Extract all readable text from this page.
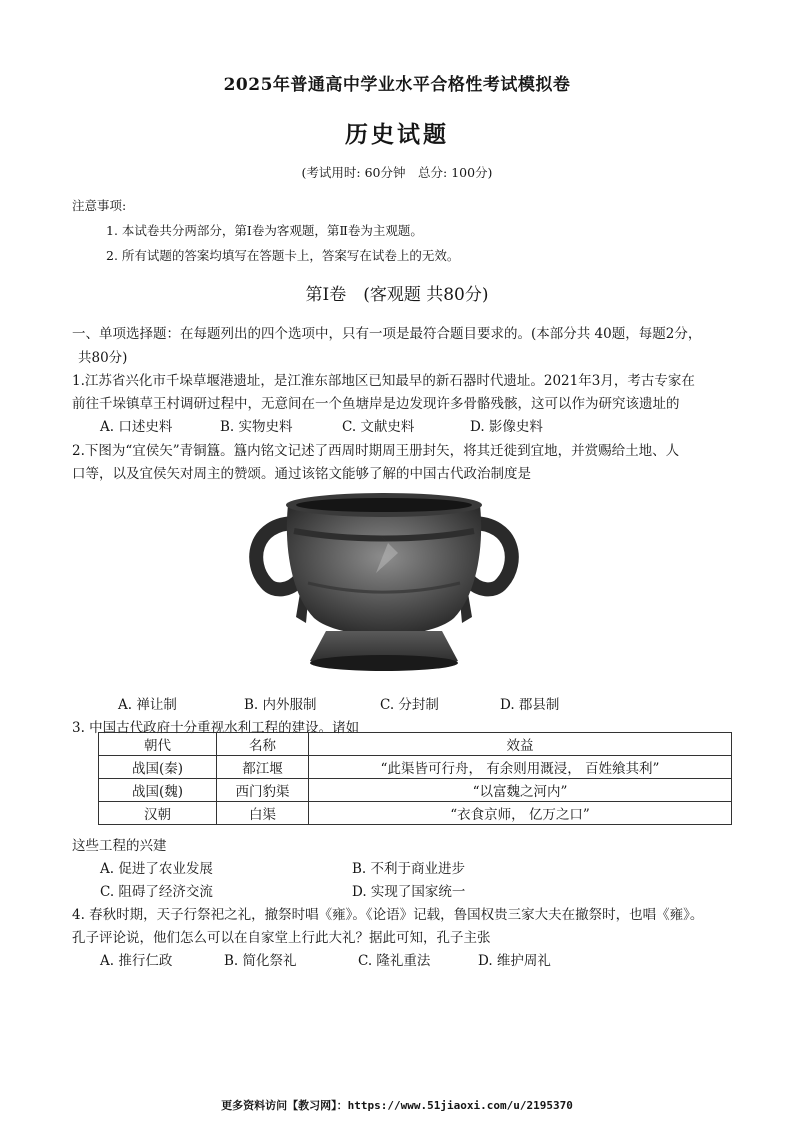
2025年普通高中学业水平合格性考试模拟卷
历史试题
(考试用时: 60分钟　总分: 100分)
注意事项:
1. 本试卷共分两部分，第Ⅰ卷为客观题，第Ⅱ卷为主观题。
2. 所有试题的答案均填写在答题卡上，答案写在试卷上的无效。
第Ⅰ卷　(客观题 共80分)
一、单项选择题：在每题列出的四个选项中，只有一项是最符合题目要求的。(本部分共 40题，每题2分，
共80分)
1.江苏省兴化市千垛草堰港遗址，是江淮东部地区已知最早的新石器时代遗址。2021年3月，考古专家在
前往千垛镇草王村调研过程中，无意间在一个鱼塘岸是边发现许多骨骼残骸，这可以作为研究该遗址的
A. 口述史料	B. 实物史料	C. 文献史料	D. 影像史料
2.下图为“宜侯矢”青铜簋。簋内铭文记述了西周时期周王册封矢，将其迁徙到宜地，并赏赐给土地、人
口等，以及宜侯矢对周主的赞颂。通过该铭文能够了解的中国古代政治制度是
A. 禅让制	B. 内外服制	C. 分封制	D. 郡县制
3. 中国古代政府十分重视水利工程的建设。诸如
朝代	名称	效益
战国(秦)	都江堰	“此渠皆可行舟， 有余则用溉浸， 百姓飨其利”
战国(魏)	西门豹渠	“以富魏之河内”
汉朝	白渠	“衣食京师， 亿万之口”
这些工程的兴建
A. 促进了农业发展	B. 不利于商业进步
C. 阻碍了经济交流	D. 实现了国家统一
4. 春秋时期，天子行祭祀之礼，撤祭时唱《雍》。《论语》记载，鲁国权贵三家大夫在撤祭时，也唱《雍》。
孔子评论说，他们怎么可以在自家堂上行此大礼？据此可知，孔子主张
A. 推行仁政	B. 简化祭礼	C. 隆礼重法	D. 维护周礼
更多资料访问【教习网】：https://www.51jiaoxi.com/u/2195370
